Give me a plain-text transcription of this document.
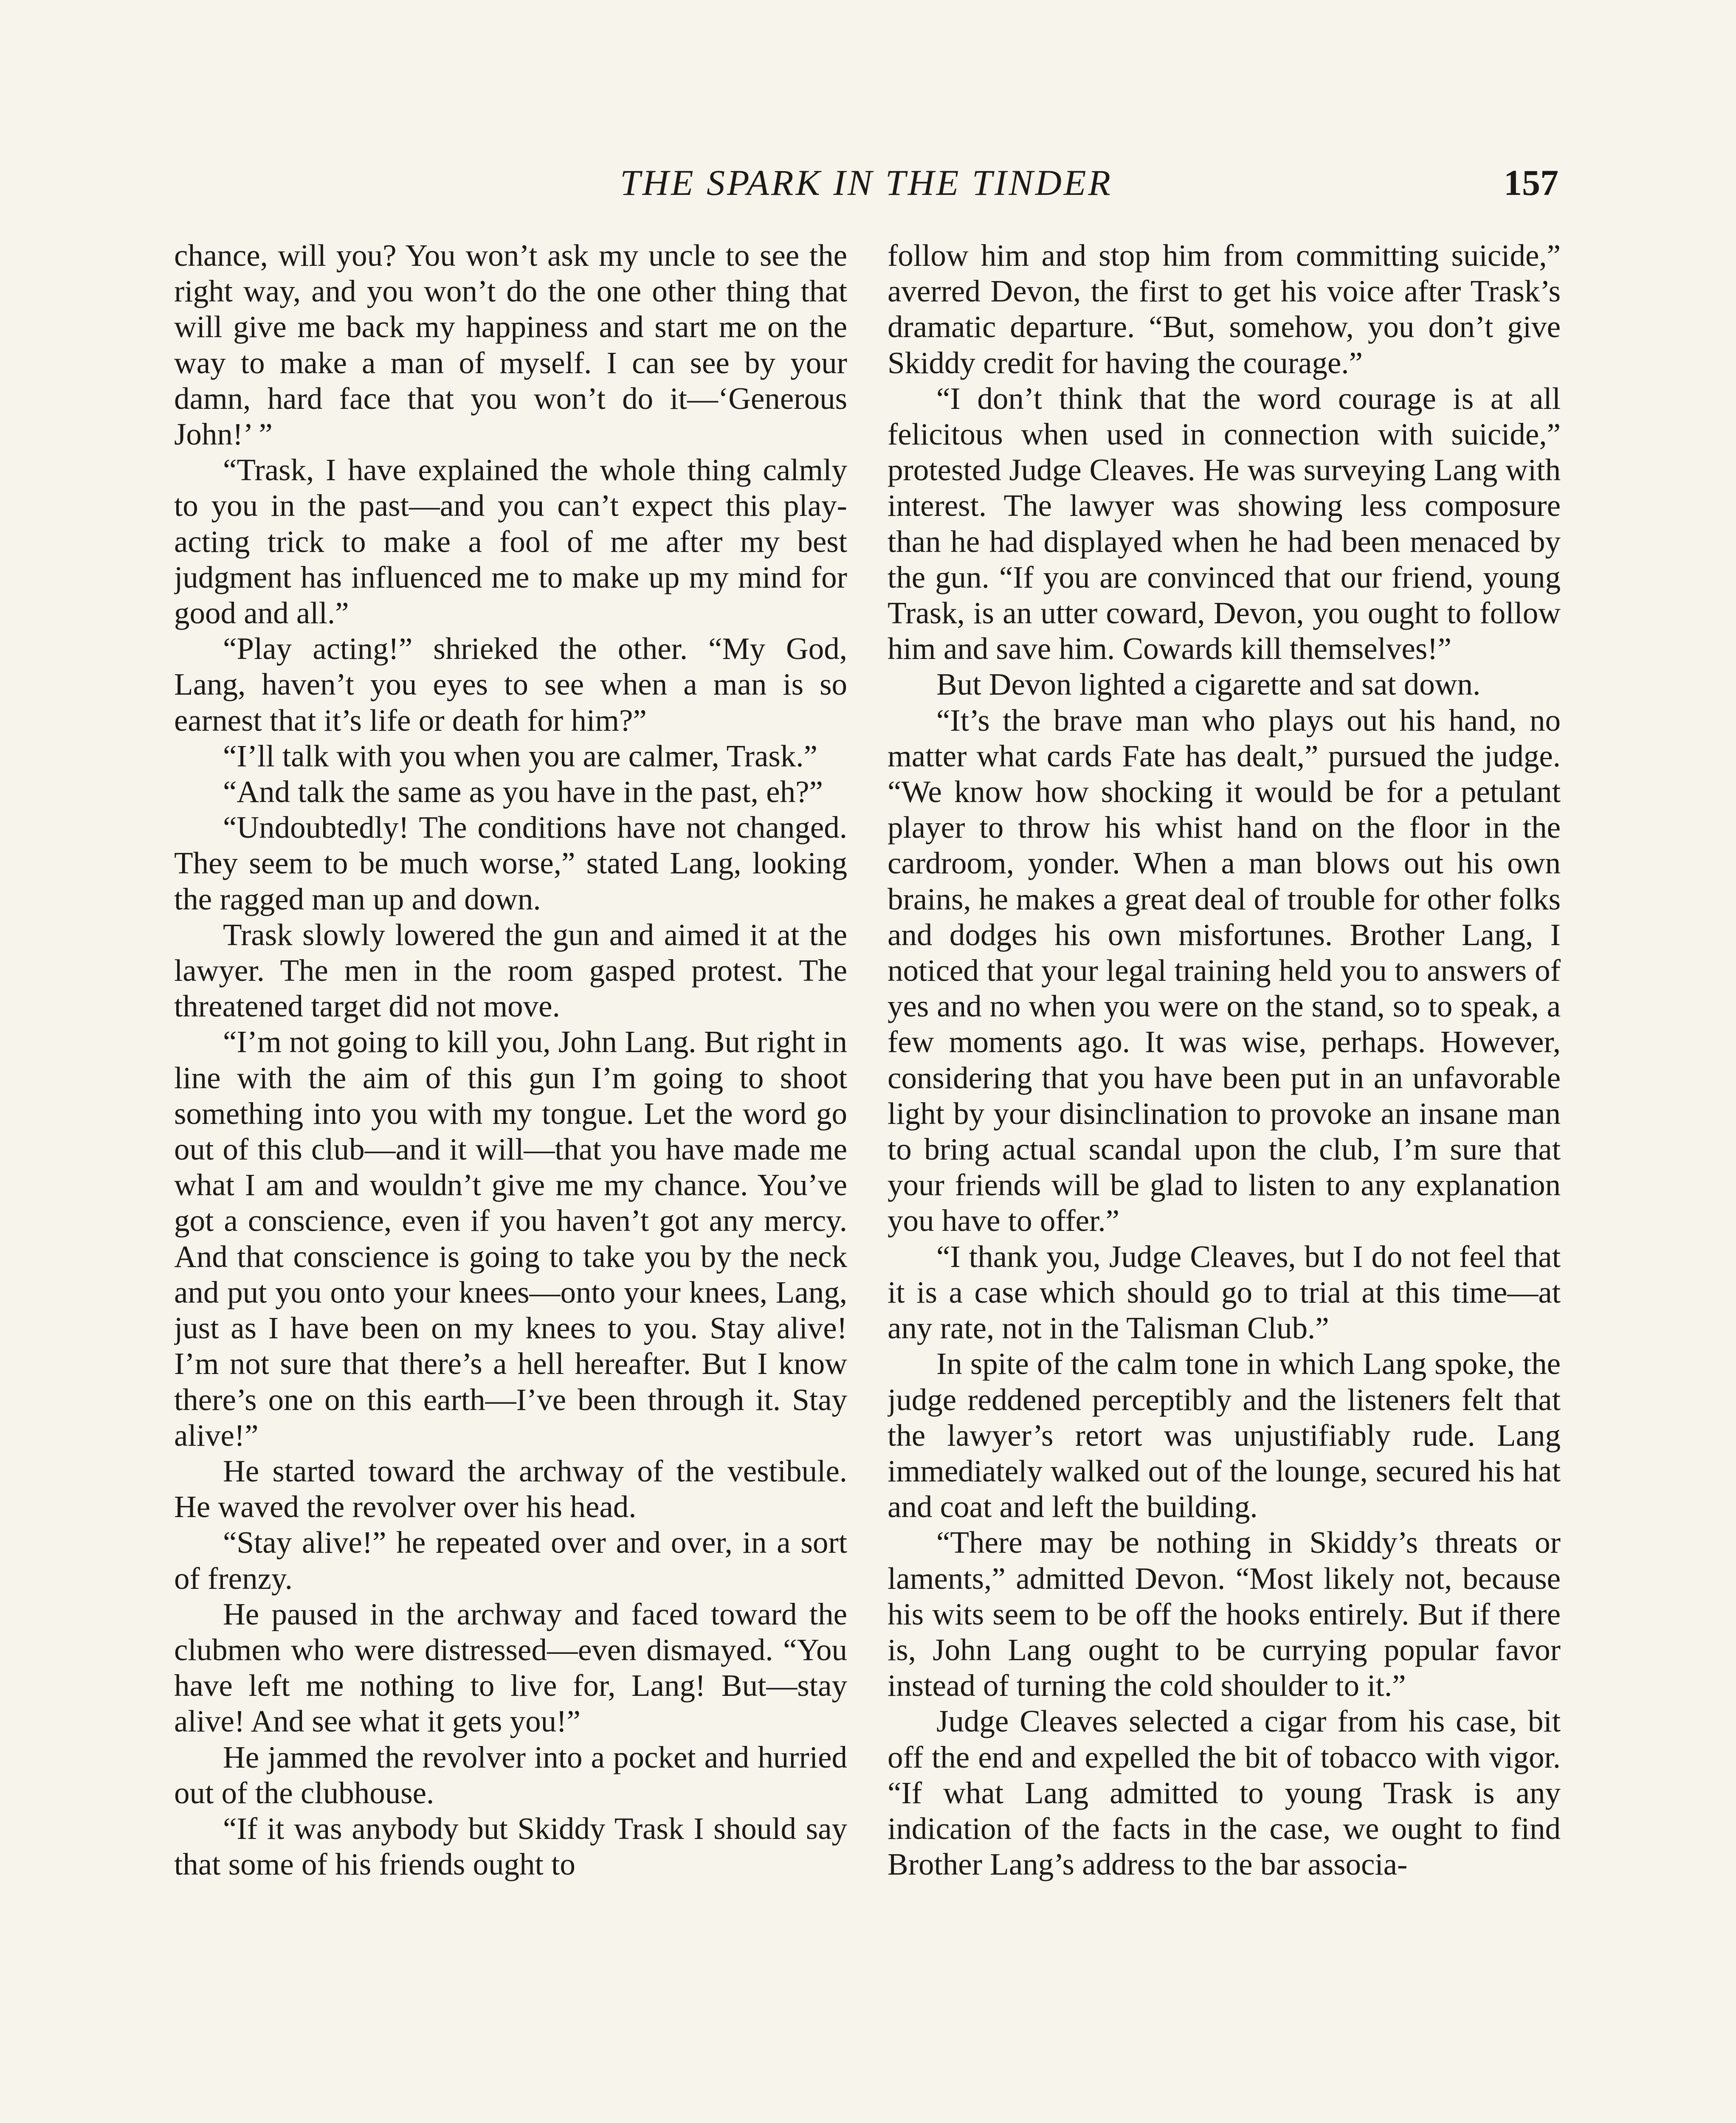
THE SPARK IN THE TINDER	157

chance, will you? You won’t ask my uncle to see the right way, and you won’t do the one other thing that will give me back my happiness and start me on the way to make a man of myself. I can see by your damn, hard face that you won’t do it—‘Generous John!’ ”

“Trask, I have explained the whole thing calmly to you in the past—and you can’t expect this play-acting trick to make a fool of me after my best judgment has influenced me to make up my mind for good and all.”

“Play acting!” shrieked the other. “My God, Lang, haven’t you eyes to see when a man is so earnest that it’s life or death for him?”

“I’ll talk with you when you are calmer, Trask.”

“And talk the same as you have in the past, eh?”

“Undoubtedly! The conditions have not changed. They seem to be much worse,” stated Lang, looking the ragged man up and down.

Trask slowly lowered the gun and aimed it at the lawyer. The men in the room gasped protest. The threatened target did not move.

“I’m not going to kill you, John Lang. But right in line with the aim of this gun I’m going to shoot something into you with my tongue. Let the word go out of this club—and it will—that you have made me what I am and wouldn’t give me my chance. You’ve got a conscience, even if you haven’t got any mercy. And that conscience is going to take you by the neck and put you onto your knees—onto your knees, Lang, just as I have been on my knees to you. Stay alive! I’m not sure that there’s a hell hereafter. But I know there’s one on this earth—I’ve been through it. Stay alive!”

He started toward the archway of the vestibule. He waved the revolver over his head.

“Stay alive!” he repeated over and over, in a sort of frenzy.

He paused in the archway and faced toward the clubmen who were distressed—even dismayed. “You have left me nothing to live for, Lang! But—stay alive! And see what it gets you!”

He jammed the revolver into a pocket and hurried out of the clubhouse.

“If it was anybody but Skiddy Trask I should say that some of his friends ought to

follow him and stop him from committing suicide,” averred Devon, the first to get his voice after Trask’s dramatic departure. “But, somehow, you don’t give Skiddy credit for having the courage.”

“I don’t think that the word courage is at all felicitous when used in connection with suicide,” protested Judge Cleaves. He was surveying Lang with interest. The lawyer was showing less composure than he had displayed when he had been menaced by the gun. “If you are convinced that our friend, young Trask, is an utter coward, Devon, you ought to follow him and save him. Cowards kill themselves!”

But Devon lighted a cigarette and sat down.

“It’s the brave man who plays out his hand, no matter what cards Fate has dealt,” pursued the judge. “We know how shocking it would be for a petulant player to throw his whist hand on the floor in the cardroom, yonder. When a man blows out his own brains, he makes a great deal of trouble for other folks and dodges his own misfortunes. Brother Lang, I noticed that your legal training held you to answers of yes and no when you were on the stand, so to speak, a few moments ago. It was wise, perhaps. However, considering that you have been put in an unfavorable light by your disinclination to provoke an insane man to bring actual scandal upon the club, I’m sure that your friends will be glad to listen to any explanation you have to offer.”

“I thank you, Judge Cleaves, but I do not feel that it is a case which should go to trial at this time—at any rate, not in the Talisman Club.”

In spite of the calm tone in which Lang spoke, the judge reddened perceptibly and the listeners felt that the lawyer’s retort was unjustifiably rude. Lang immediately walked out of the lounge, secured his hat and coat and left the building.

“There may be nothing in Skiddy’s threats or laments,” admitted Devon. “Most likely not, because his wits seem to be off the hooks entirely. But if there is, John Lang ought to be currying popular favor instead of turning the cold shoulder to it.”

Judge Cleaves selected a cigar from his case, bit off the end and expelled the bit of tobacco with vigor. “If what Lang admitted to young Trask is any indication of the facts in the case, we ought to find Brother Lang’s address to the bar associa-
